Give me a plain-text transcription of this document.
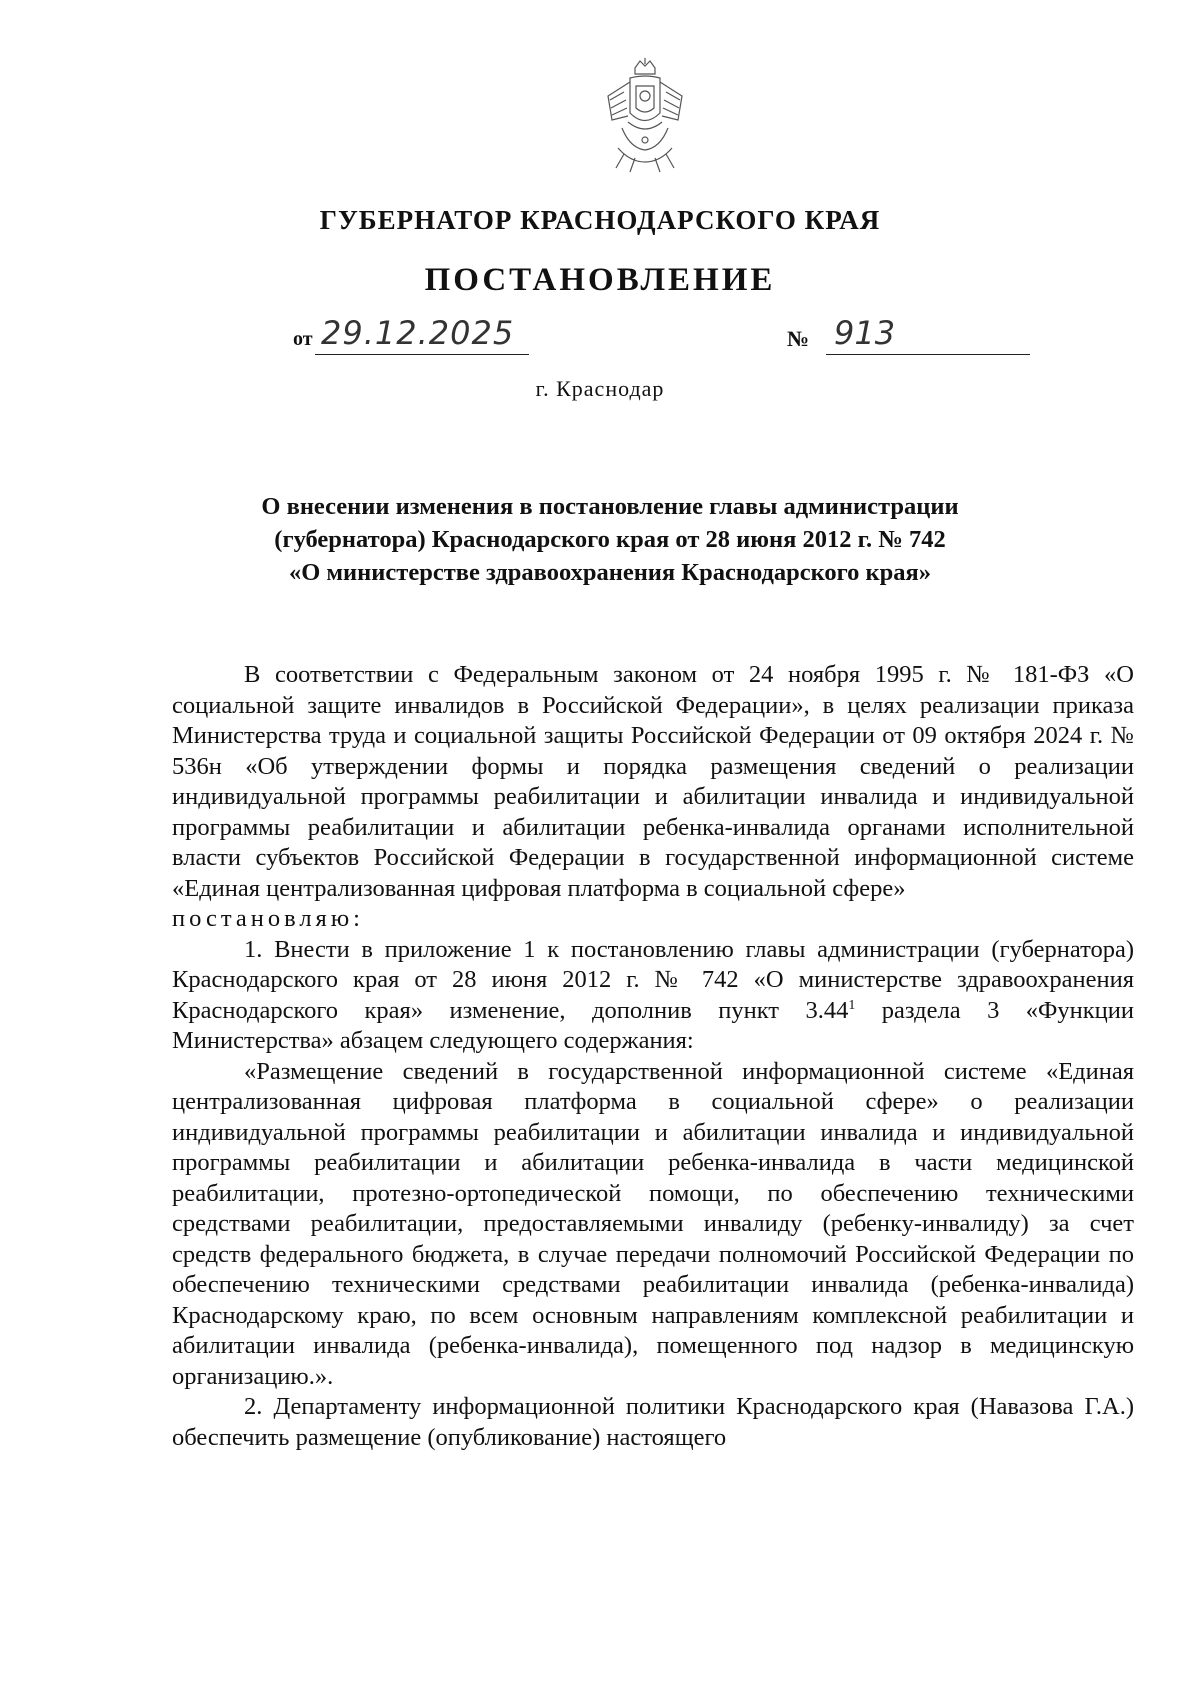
ГУБЕРНАТОР КРАСНОДАРСКОГО КРАЯ
ПОСТАНОВЛЕНИЕ
от 29.12.2025	№ 913
г. Краснодар
О внесении изменения в постановление главы администрации
(губернатора) Краснодарского края от 28 июня 2012 г. № 742
«О министерстве здравоохранения Краснодарского края»

В соответствии с Федеральным законом от 24 ноября 1995 г. № 181-ФЗ «О социальной защите инвалидов в Российской Федерации», в целях реализации приказа Министерства труда и социальной защиты Российской Федерации от 09 октября 2024 г. № 536н «Об утверждении формы и порядка размещения сведений о реализации индивидуальной программы реабилитации и абилитации инвалида и индивидуальной программы реабилитации и абилитации ребенка-инвалида органами исполнительной власти субъектов Российской Федерации в государственной информационной системе «Единая централизованная цифровая платформа в социальной сфере»

постановляю:

1. Внести в приложение 1 к постановлению главы администрации (губернатора) Краснодарского края от 28 июня 2012 г. № 742 «О министерстве здравоохранения Краснодарского края» изменение, дополнив пункт 3.44$^1$ раздела 3 «Функции Министерства» абзацем следующего содержания:

«Размещение сведений в государственной информационной системе «Единая централизованная цифровая платформа в социальной сфере» о реализации индивидуальной программы реабилитации и абилитации инвалида и индивидуальной программы реабилитации и абилитации ребенка-инвалида в части медицинской реабилитации, протезно-ортопедической помощи, по обеспечению техническими средствами реабилитации, предоставляемыми инвалиду (ребенку-инвалиду) за счет средств федерального бюджета, в случае передачи полномочий Российской Федерации по обеспечению техническими средствами реабилитации инвалида (ребенка-инвалида) Краснодарскому краю, по всем основным направлениям комплексной реабилитации и абилитации инвалида (ребенка-инвалида), помещенного под надзор в медицинскую организацию.».

2. Департаменту информационной политики Краснодарского края (Навазова Г.А.) обеспечить размещение (опубликование) настоящего
